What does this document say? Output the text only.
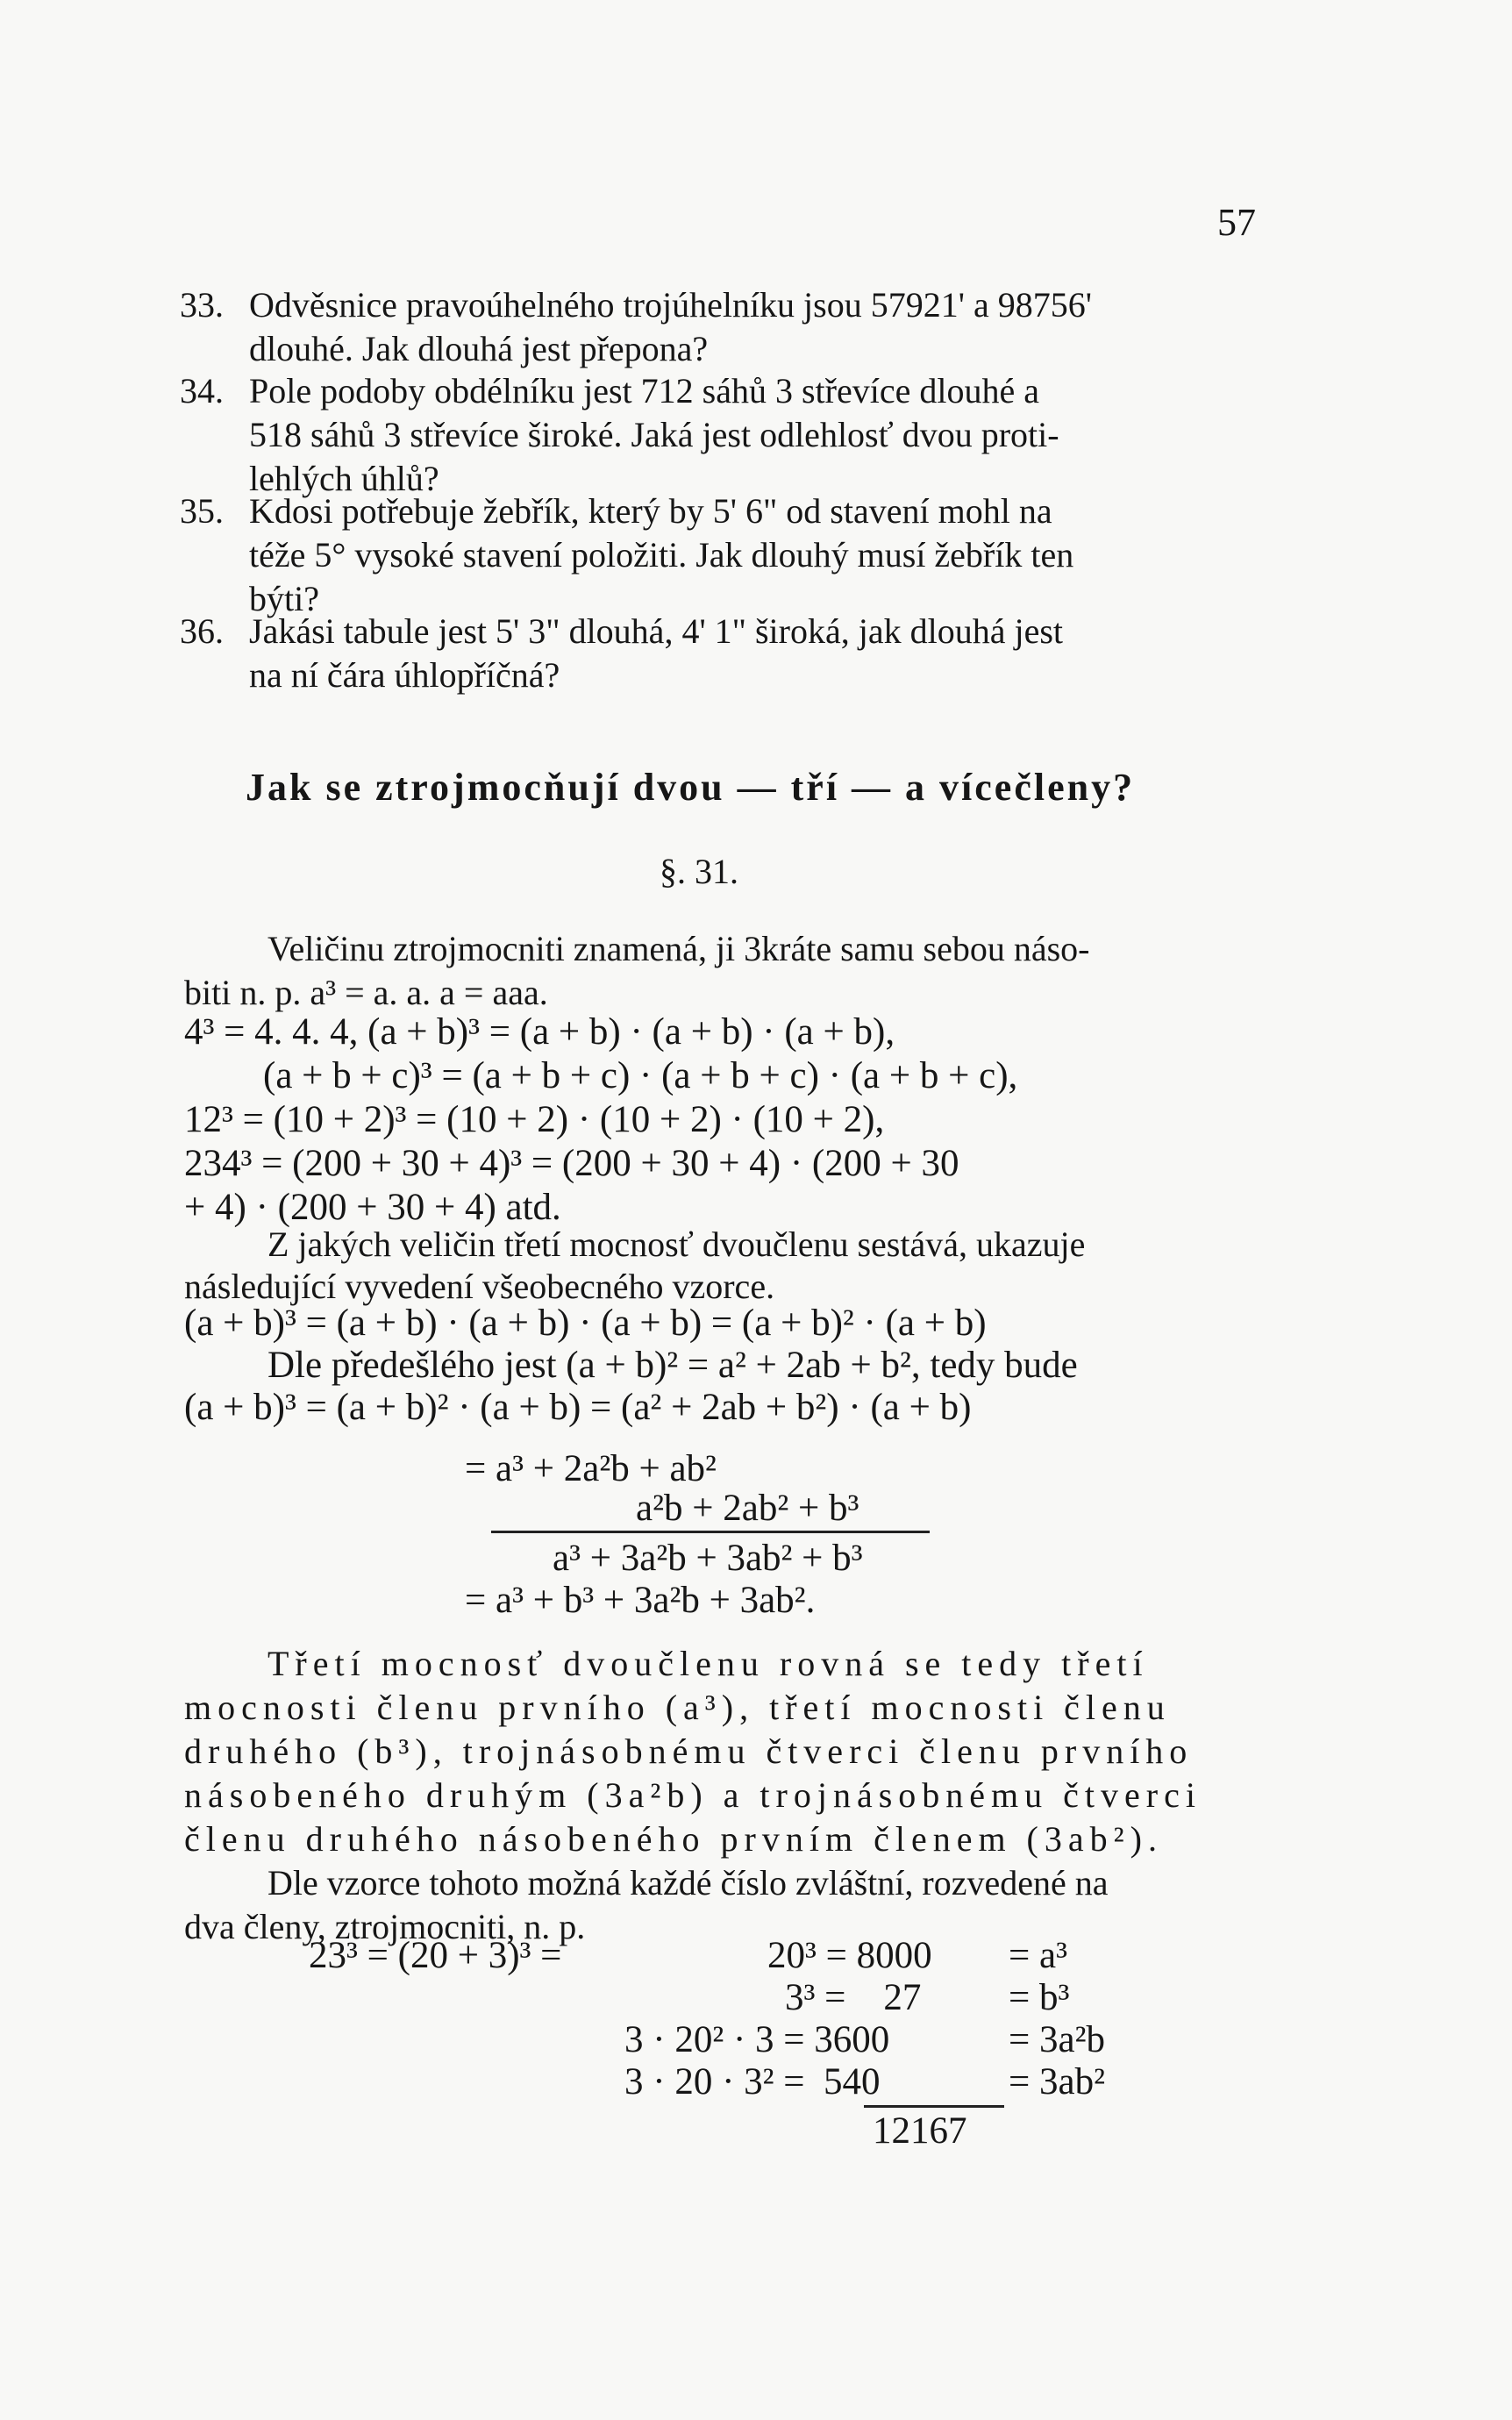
57
33. Odvěsnice pravoúhelného trojúhelníku jsou 57921' a 98756'
dlouhé. Jak dlouhá jest přepona?
34. Pole podoby obdélníku jest 712 sáhů 3 střevíce dlouhé a
518 sáhů 3 střevíce široké. Jaká jest odlehlosť dvou proti-
lehlých úhlů?
35. Kdosi potřebuje žebřík, který by 5' 6" od stavení mohl na
téže 5° vysoké stavení položiti. Jak dlouhý musí žebřík ten
býti?
36. Jakási tabule jest 5' 3" dlouhá, 4' 1" široká, jak dlouhá jest
na ní čára úhlopříčná?
Jak se ztrojmocňují dvou — tří — a vícečleny?
§. 31.
Veličinu ztrojmocniti znamená, ji 3kráte samu sebou náso-
biti n. p. a³ = a. a. a = aaa.
4³ = 4. 4. 4, (a + b)³ = (a + b) · (a + b) · (a + b),
(a + b + c)³ = (a + b + c) · (a + b + c) · (a + b + c),
12³ = (10 + 2)³ = (10 + 2) · (10 + 2) · (10 + 2),
234³ = (200 + 30 + 4)³ = (200 + 30 + 4) · (200 + 30
+ 4) · (200 + 30 + 4) atd.
Z jakých veličin třetí mocnosť dvoučlenu sestává, ukazuje
následující vyvedení všeobecného vzorce.
(a + b)³ = (a + b) · (a + b) · (a + b) = (a + b)² · (a + b)
Dle předešlého jest (a + b)² = a² + 2ab + b², tedy bude
(a + b)³ = (a + b)² · (a + b) = (a² + 2ab + b²) · (a + b)
= a³ + 2a²b + ab²
a²b + 2ab² + b³
a³ + 3a²b + 3ab² + b³
= a³ + b³ + 3a²b + 3ab².
Třetí mocnosť dvoučlenu rovná se tedy třetí
mocnosti členu prvního (a³), třetí mocnosti členu
druhého (b³), trojnásobnému čtverci členu prvního
násobeného druhým (3a²b) a trojnásobnému čtverci
členu druhého násobeného prvním členem (3ab²).
Dle vzorce tohoto možná každé číslo zvláštní, rozvedené na
dva členy, ztrojmocniti, n. p.
23³ = (20 + 3)³ =	20³ = 8000 = a³
3³ =    27 = b³
3 · 20² · 3 = 3600	= 3a²b
3 · 20 · 3² =  540	= 3ab²
12167
